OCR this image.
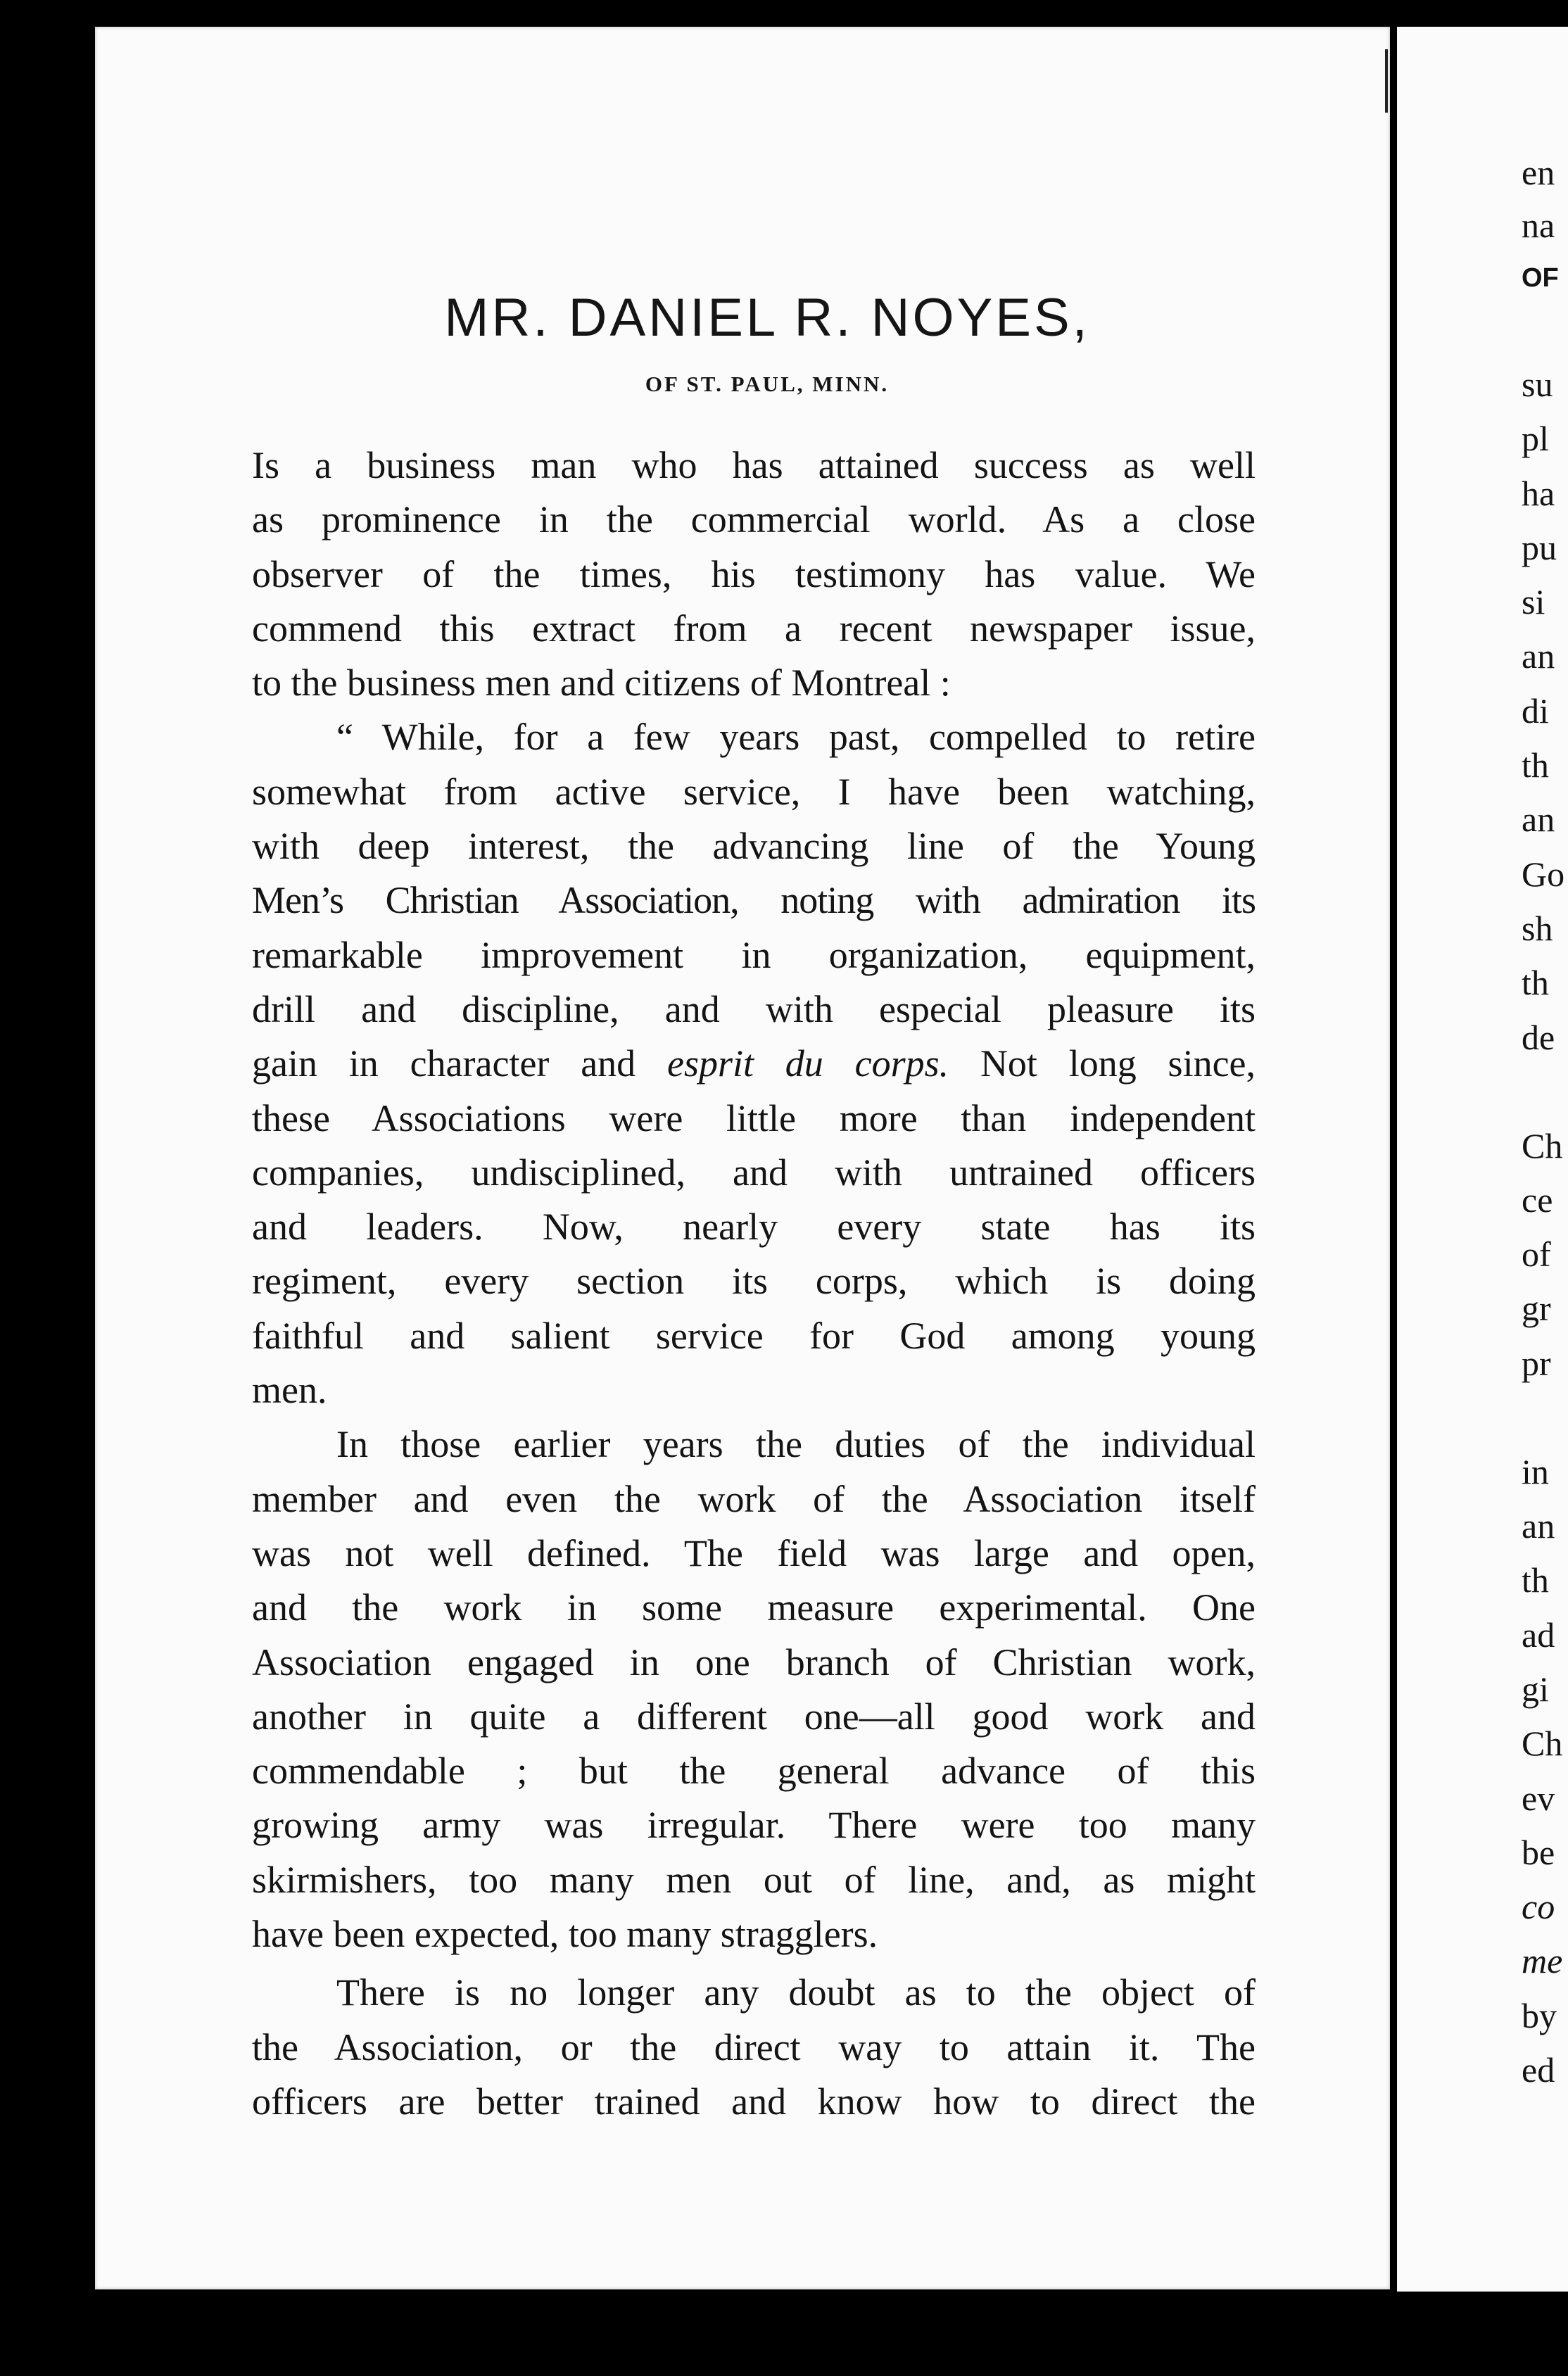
MR. DANIEL R. NOYES,

OF ST. PAUL, MINN.

Is a business man who has attained success as well
as prominence in the commercial world. As a close
observer of the times, his testimony has value. We
commend this extract from a recent newspaper issue,
to the business men and citizens of Montreal :
“ While, for a few years past, compelled to retire
somewhat from active service, I have been watching,
with deep interest, the advancing line of the Young
Men’s Christian Association, noting with admiration its
remarkable improvement in organization, equipment,
drill and discipline, and with especial pleasure its
gain in character and esprit du corps. Not long since,
these Associations were little more than independent
companies, undisciplined, and with untrained officers
and leaders. Now, nearly every state has its
regiment, every section its corps, which is doing
faithful and salient service for God among young
men.
In those earlier years the duties of the individual
member and even the work of the Association itself
was not well defined. The field was large and open,
and the work in some measure experimental. One
Association engaged in one branch of Christian work,
another in quite a different one—all good work and
commendable ; but the general advance of this
growing army was irregular. There were too many
skirmishers, too many men out of line, and, as might
have been expected, too many stragglers.
There is no longer any doubt as to the object of
the Association, or the direct way to attain it. The
officers are better trained and know how to direct the
en
na
OF
su
pl
ha
pu
si
an
di
th
an
Go
sh
th
de
Ch
ce
of
gr
pr
in
an
th
ad
gi
Ch
ev
be
co
me
by
ed
